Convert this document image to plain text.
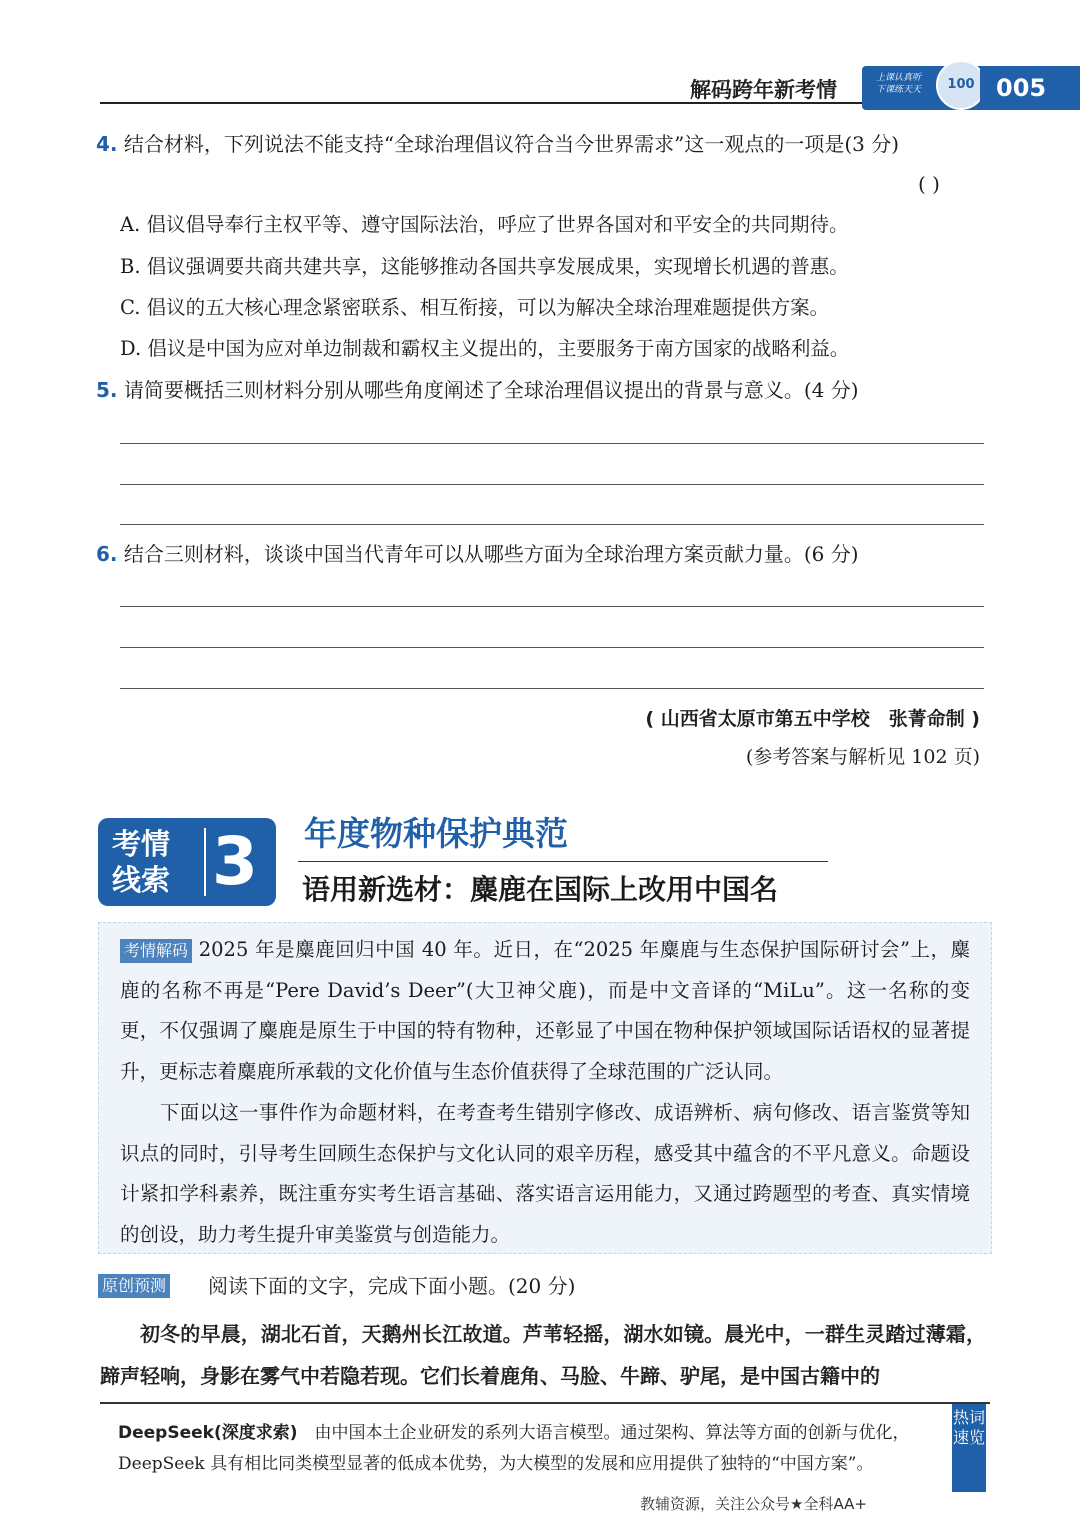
解码跨年新考情	上课认真听
下课练天天	100 005
4. 结合材料，下列说法不能支持“全球治理倡议符合当今世界需求”这一观点的一项是(3 分)
( )
A. 倡议倡导奉行主权平等、遵守国际法治，呼应了世界各国对和平安全的共同期待。
B. 倡议强调要共商共建共享，这能够推动各国共享发展成果，实现增长机遇的普惠。
C. 倡议的五大核心理念紧密联系、相互衔接，可以为解决全球治理难题提供方案。
D. 倡议是中国为应对单边制裁和霸权主义提出的，主要服务于南方国家的战略利益。
5. 请简要概括三则材料分别从哪些角度阐述了全球治理倡议提出的背景与意义。(4 分)
6. 结合三则材料，谈谈中国当代青年可以从哪些方面为全球治理方案贡献力量。(6 分)
( 山西省太原市第五中学校　张菁命制 )
(参考答案与解析见 102 页)
考情线索 3 年度物种保护典范
语用新选材：麋鹿在国际上改用中国名
考情解码 2025 年是麋鹿回归中国 40 年。近日，在“2025 年麋鹿与生态保护国际研讨会”上，麋鹿的名称不再是“Pere David’s Deer”(大卫神父鹿)，而是中文音译的“MiLu”。这一名称的变更，不仅强调了麋鹿是原生于中国的特有物种，还彰显了中国在物种保护领域国际话语权的显著提升，更标志着麋鹿所承载的文化价值与生态价值获得了全球范围的广泛认同。
下面以这一事件作为命题材料，在考查考生错别字修改、成语辨析、病句修改、语言鉴赏等知识点的同时，引导考生回顾生态保护与文化认同的艰辛历程，感受其中蕴含的不平凡意义。命题设计紧扣学科素养，既注重夯实考生语言基础、落实语言运用能力，又通过跨题型的考查、真实情境的创设，助力考生提升审美鉴赏与创造能力。
原创预测 阅读下面的文字，完成下面小题。(20 分)
初冬的早晨，湖北石首，天鹅州长江故道。芦苇轻摇，湖水如镜。晨光中，一群生灵踏过薄霜，蹄声轻响，身影在雾气中若隐若现。它们长着鹿角、马脸、牛蹄、驴尾，是中国古籍中的
DeepSeek(深度求索)　 由中国本土企业研发的系列大语言模型。通过架构、算法等方面的创新与优化，DeepSeek 具有相比同类模型显著的低成本优势，为大模型的发展和应用提供了独特的“中国方案”。
热词速览
教辅资源，关注公众号★全科AA+
